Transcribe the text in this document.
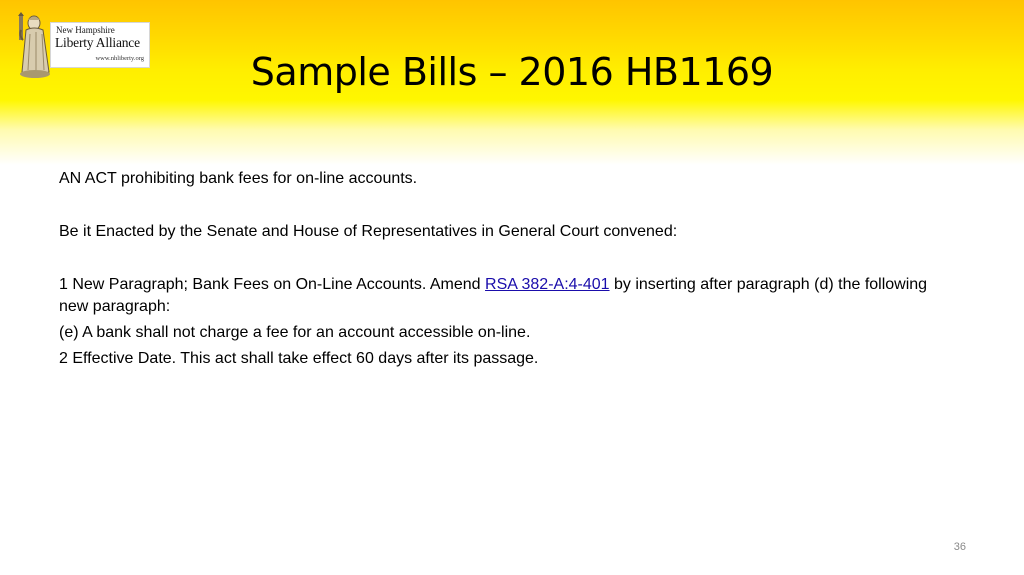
New Hampshire
Liberty Alliance
www.nhliberty.org	Sample Bills – 2016 HB1169

AN ACT prohibiting bank fees for on-line accounts.

Be it Enacted by the Senate and House of Representatives in General Court convened:

1 New Paragraph; Bank Fees on On-Line Accounts. Amend RSA 382-A:4-401 by inserting after paragraph (d) the following new paragraph:

(e) A bank shall not charge a fee for an account accessible on-line.

2 Effective Date. This act shall take effect 60 days after its passage.

36
